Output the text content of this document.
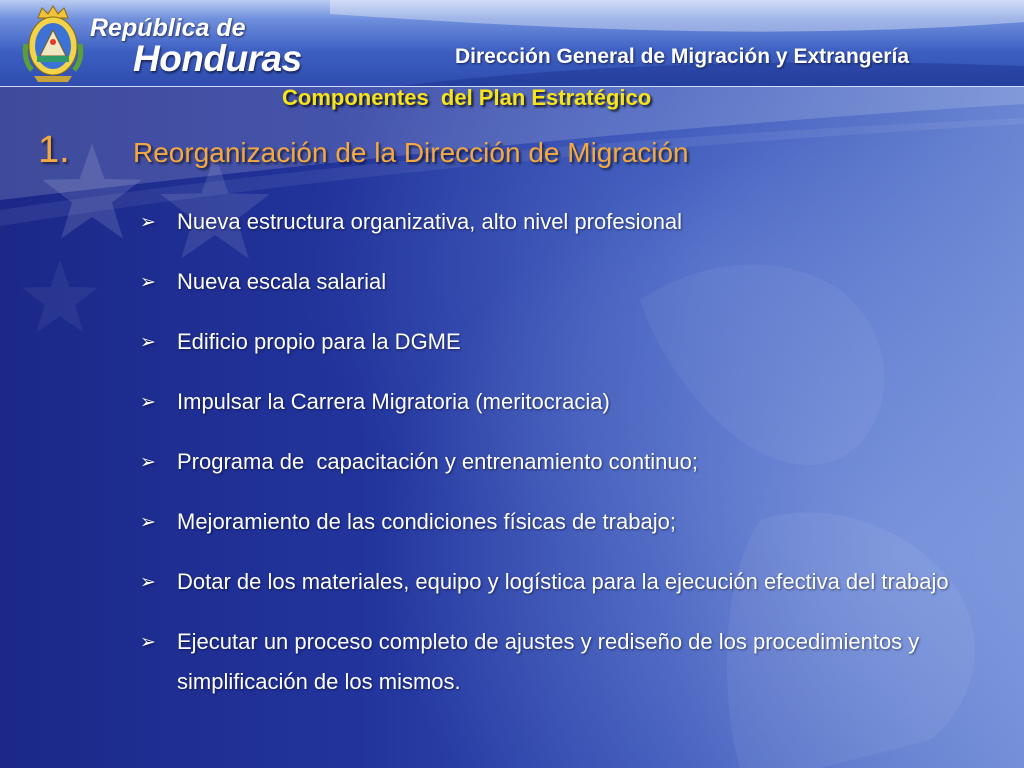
República de
Honduras	Dirección General de Migración y Extrangería
Componentes  del Plan Estratégico
1. Reorganización de la Dirección de Migración
➢
Nueva estructura organizativa, alto nivel profesional
➢
Nueva escala salarial
➢
Edificio propio para la DGME
➢
Impulsar la Carrera Migratoria (meritocracia)
➢
Programa de  capacitación y entrenamiento continuo;
➢
Mejoramiento de las condiciones físicas de trabajo;
➢
Dotar de los materiales, equipo y logística para la ejecución efectiva del trabajo
➢
Ejecutar un proceso completo de ajustes y rediseño de los procedimientos y simplificación de los mismos.
